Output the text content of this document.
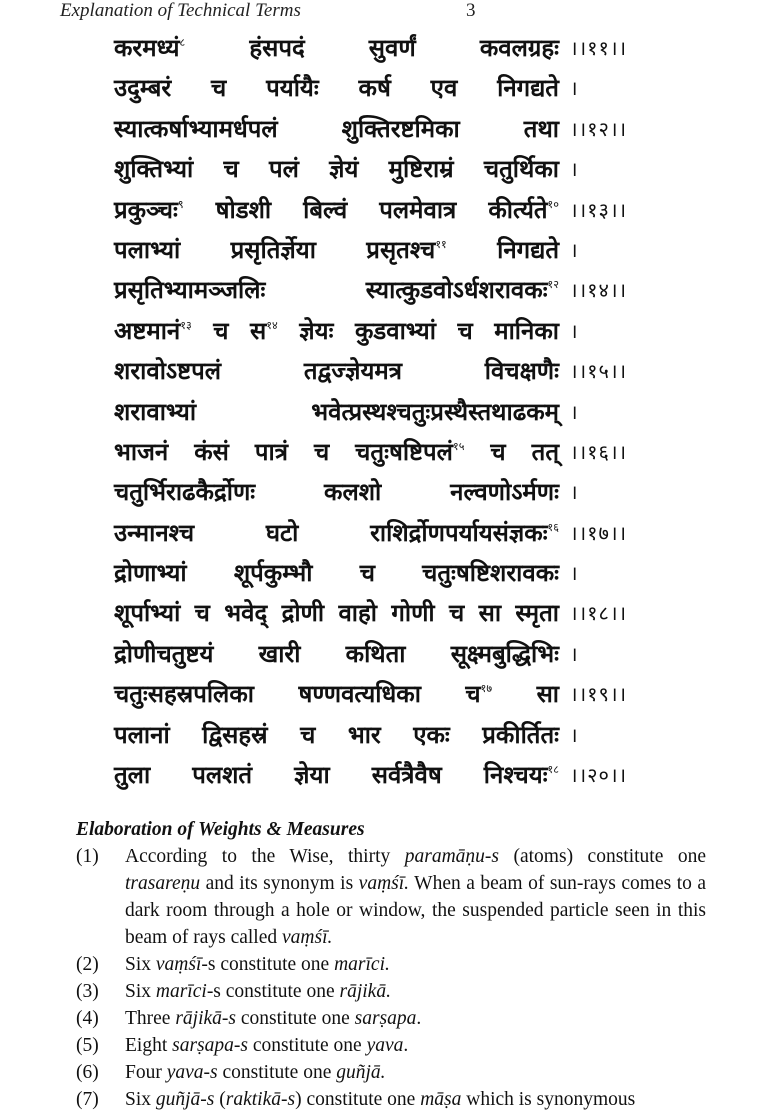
Explanation of Technical Terms	3
करमध्यं$^८$ हंसपदं सुवर्णं कवलग्रहः ।।११।।
उदुम्बरं च पर्यायैः कर्ष एव निगद्यते ।
स्यात्कर्षाभ्यामर्धपलं शुक्तिरष्टमिका तथा ।।१२।।
शुक्तिभ्यां च पलं ज्ञेयं मुष्टिराम्रं चतुर्थिका ।
प्रकुञ्चः$^९$ षोडशी बिल्वं पलमेवात्र कीर्त्यते$^{१०}$ ।।१३।।
पलाभ्यां प्रसृतिर्ज्ञेया प्रसृतश्च$^{११}$ निगद्यते ।
प्रसृतिभ्यामञ्जलिः स्यात्कुडवोऽर्धशरावकः$^{१२}$ ।।१४।।
अष्टमानं$^{१३}$ च स$^{१४}$ ज्ञेयः कुडवाभ्यां च मानिका ।
शरावोऽष्टपलं तद्वज्ज्ञेयमत्र विचक्षणैः ।।१५।।
शरावाभ्यां भवेत्प्रस्थश्चतुःप्रस्थैस्तथाढकम् ।
भाजनं कंसं पात्रं च चतुःषष्टिपलं$^{१५}$ च तत् ।।१६।।
चतुर्भिराढकैर्द्रोणः कलशो नल्वणोऽर्मणः ।
उन्मानश्च घटो राशिर्द्रोणपर्यायसंज्ञकः$^{१६}$ ।।१७।।
द्रोणाभ्यां शूर्पकुम्भौ च चतुःषष्टिशरावकः ।
शूर्पाभ्यां च भवेद् द्रोणी वाहो गोणी च सा स्मृता ।।१८।।
द्रोणीचतुष्टयं खारी कथिता सूक्ष्मबुद्धिभिः ।
चतुःसहस्रपलिका षण्णवत्यधिका च$^{१७}$ सा ।।१९।।
पलानां द्विसहस्रं च भार एकः प्रकीर्तितः ।
तुला पलशतं ज्ञेया सर्वत्रैवैष निश्चयः$^{१८}$ ।।२०।।
Elaboration of Weights & Measures
(1)	According to the Wise, thirty paramāṇu-s (atoms) constitute one trasareṇu and its synonym is vaṃśī. When a beam of sun-rays comes to a dark room through a hole or window, the suspended particle seen in this beam of rays called vaṃśī.
(2)	Six vaṃśī-s constitute one marīci.
(3)	Six marīci-s constitute one rājikā.
(4)	Three rājikā-s constitute one sarṣapa.
(5)	Eight sarṣapa-s constitute one yava.
(6)	Four yava-s constitute one guñjā.
(7)	Six guñjā-s (raktikā-s) constitute one māṣa which is synonymous
